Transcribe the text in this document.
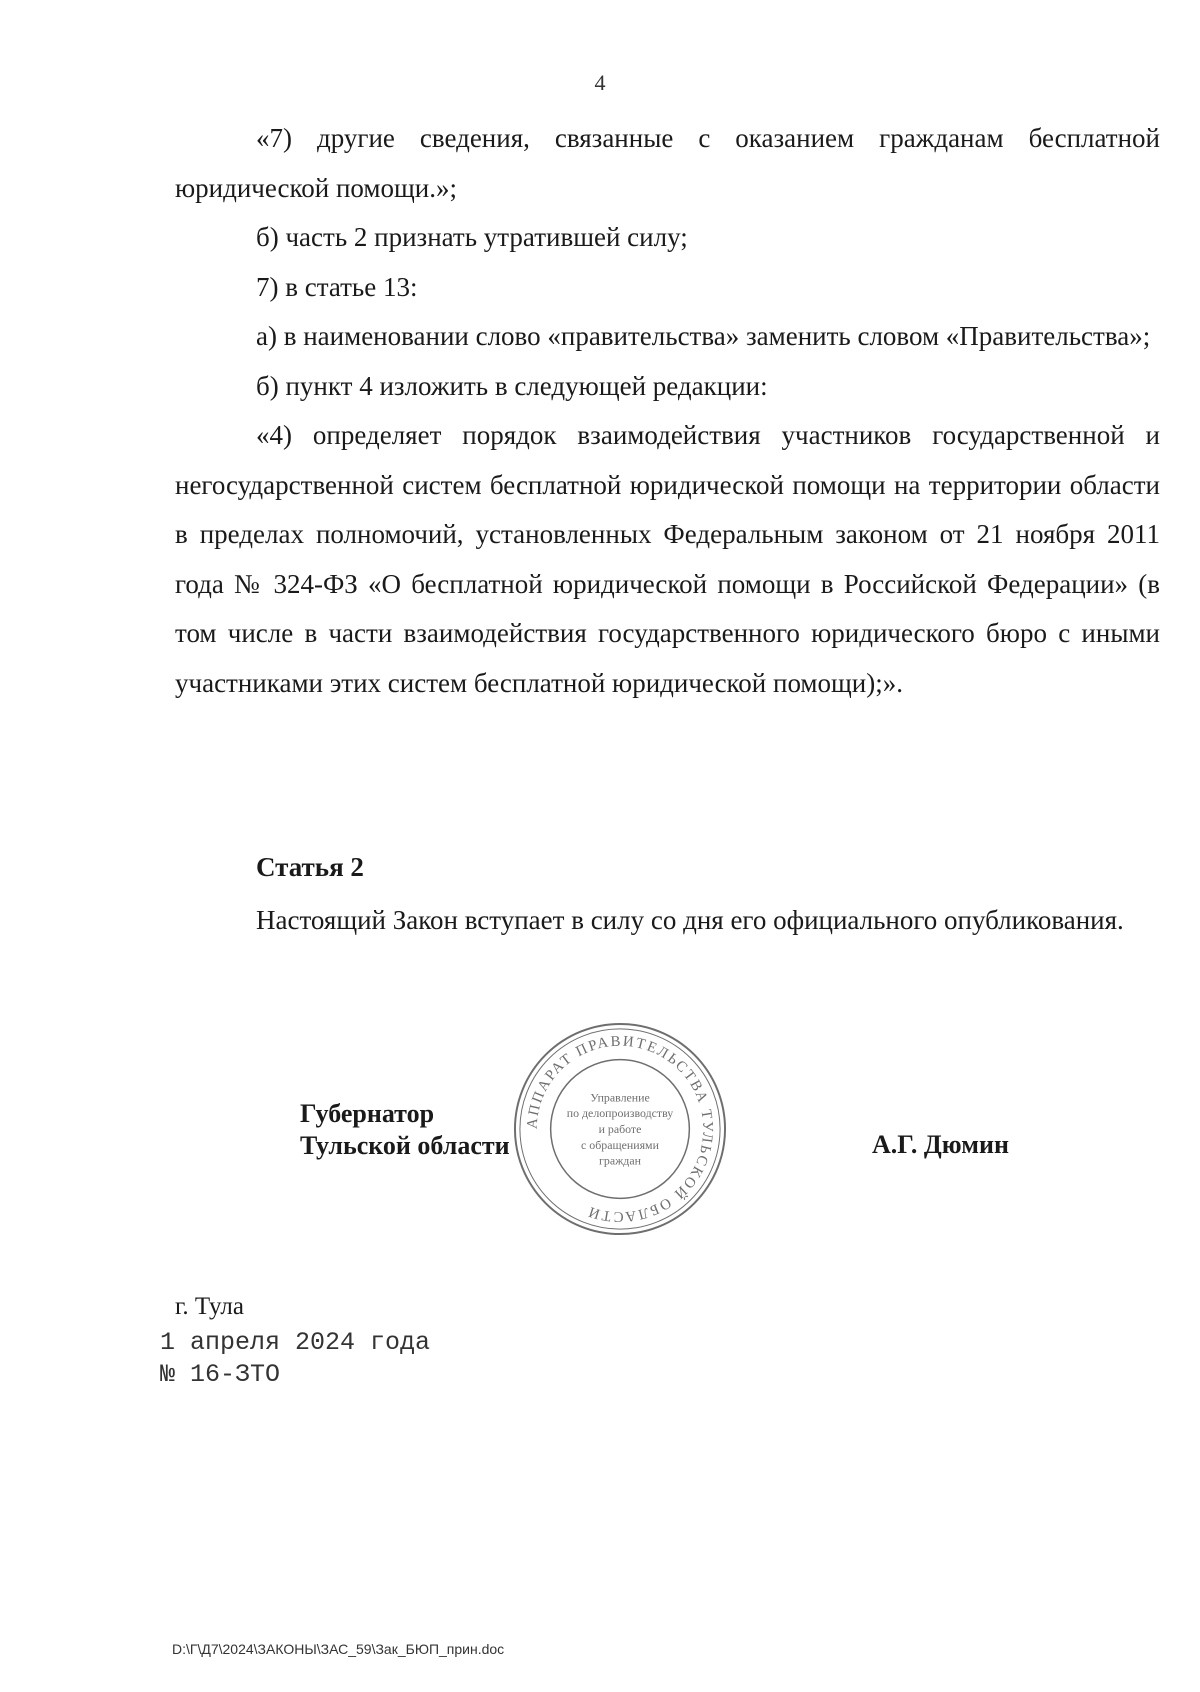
4

«7) другие сведения, связанные с оказанием гражданам бесплатной юридической помощи.»;

б) часть 2 признать утратившей силу;

7) в статье 13:

а) в наименовании слово «правительства» заменить словом «Правительства»;

б) пункт 4 изложить в следующей редакции:

«4) определяет порядок взаимодействия участников государственной и негосударственной систем бесплатной юридической помощи на территории области в пределах полномочий, установленных Федеральным законом от 21 ноября 2011 года № 324-ФЗ «О бесплатной юридической помощи в Российской Федерации» (в том числе в части взаимодействия государственного юридического бюро с иными участниками этих систем бесплатной юридической помощи);».

Статья 2

Настоящий Закон вступает в силу со дня его официального опубликования.

Губернатор
Тульской области	А.Г. Дюмин
АППАРАТ ПРАВИТЕЛЬСТВА ТУЛЬСКОЙ ОБЛАСТИ
Управление
по делопроизводству
и работе
с обращениями
граждан
г. Тула
1 апреля 2024 года
№ 16-ЗТО
D:\Г\Д7\2024\ЗАКОНЫ\ЗАС_59\Зак_БЮП_прин.doc
